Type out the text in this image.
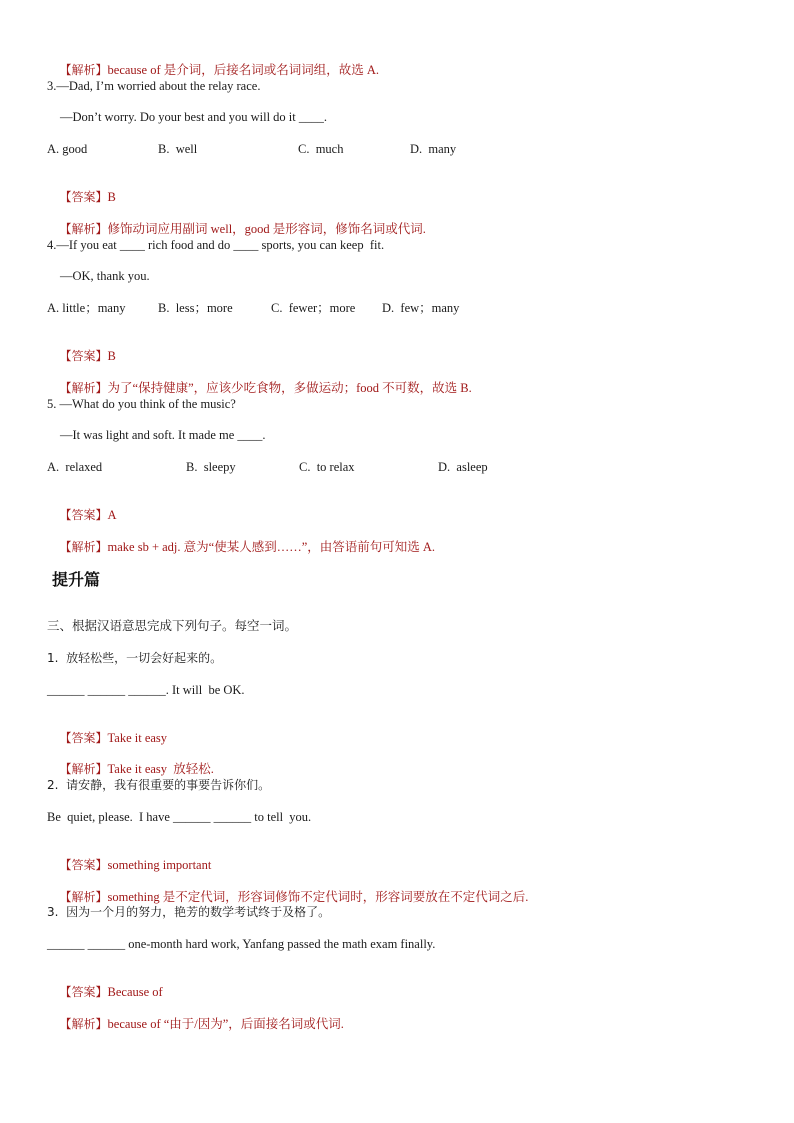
【解析】because of 是介词，后接名词或名词词组，故选 A.

3.—Dad, I’m worried about the relay race.
—Don’t worry. Do your best and you will do it ____.
A. good	B.  well	C.  much	D.  many

【答案】B

【解析】修饰动词应用副词 well，good 是形容词，修饰名词或代词.

4.—If you eat ____ rich food and do ____ sports, you can keep  fit.
—OK, thank you.
A. little；many	B.  less；more	C.  fewer；more D.  few；many

【答案】B

【解析】为了“保持健康”，应该少吃食物，多做运动；food 不可数，故选 B.

5. —What do you think of the music?
—It was light and soft. It made me ____.
A.  relaxed	B.  sleepy	C.  to relax	D.  asleep

【答案】A

【解析】make sb + adj. 意为“使某人感到……”，由答语前句可知选 A.

提升篇
三、根据汉语意思完成下列句子。每空一词。
1.  放轻松些，一切会好起来的。
______ ______ ______. It will  be OK.

【答案】Take it easy

【解析】Take it easy  放轻松.

2.  请安静，我有很重要的事要告诉你们。
Be  quiet, please.  I have ______ ______ to tell  you.

【答案】something important

【解析】something 是不定代词，形容词修饰不定代词时，形容词要放在不定代词之后.

3.  因为一个月的努力，艳芳的数学考试终于及格了。
______ ______ one-month hard work, Yanfang passed the math exam finally.

【答案】Because of

【解析】because of “由于/因为”，后面接名词或代词.
